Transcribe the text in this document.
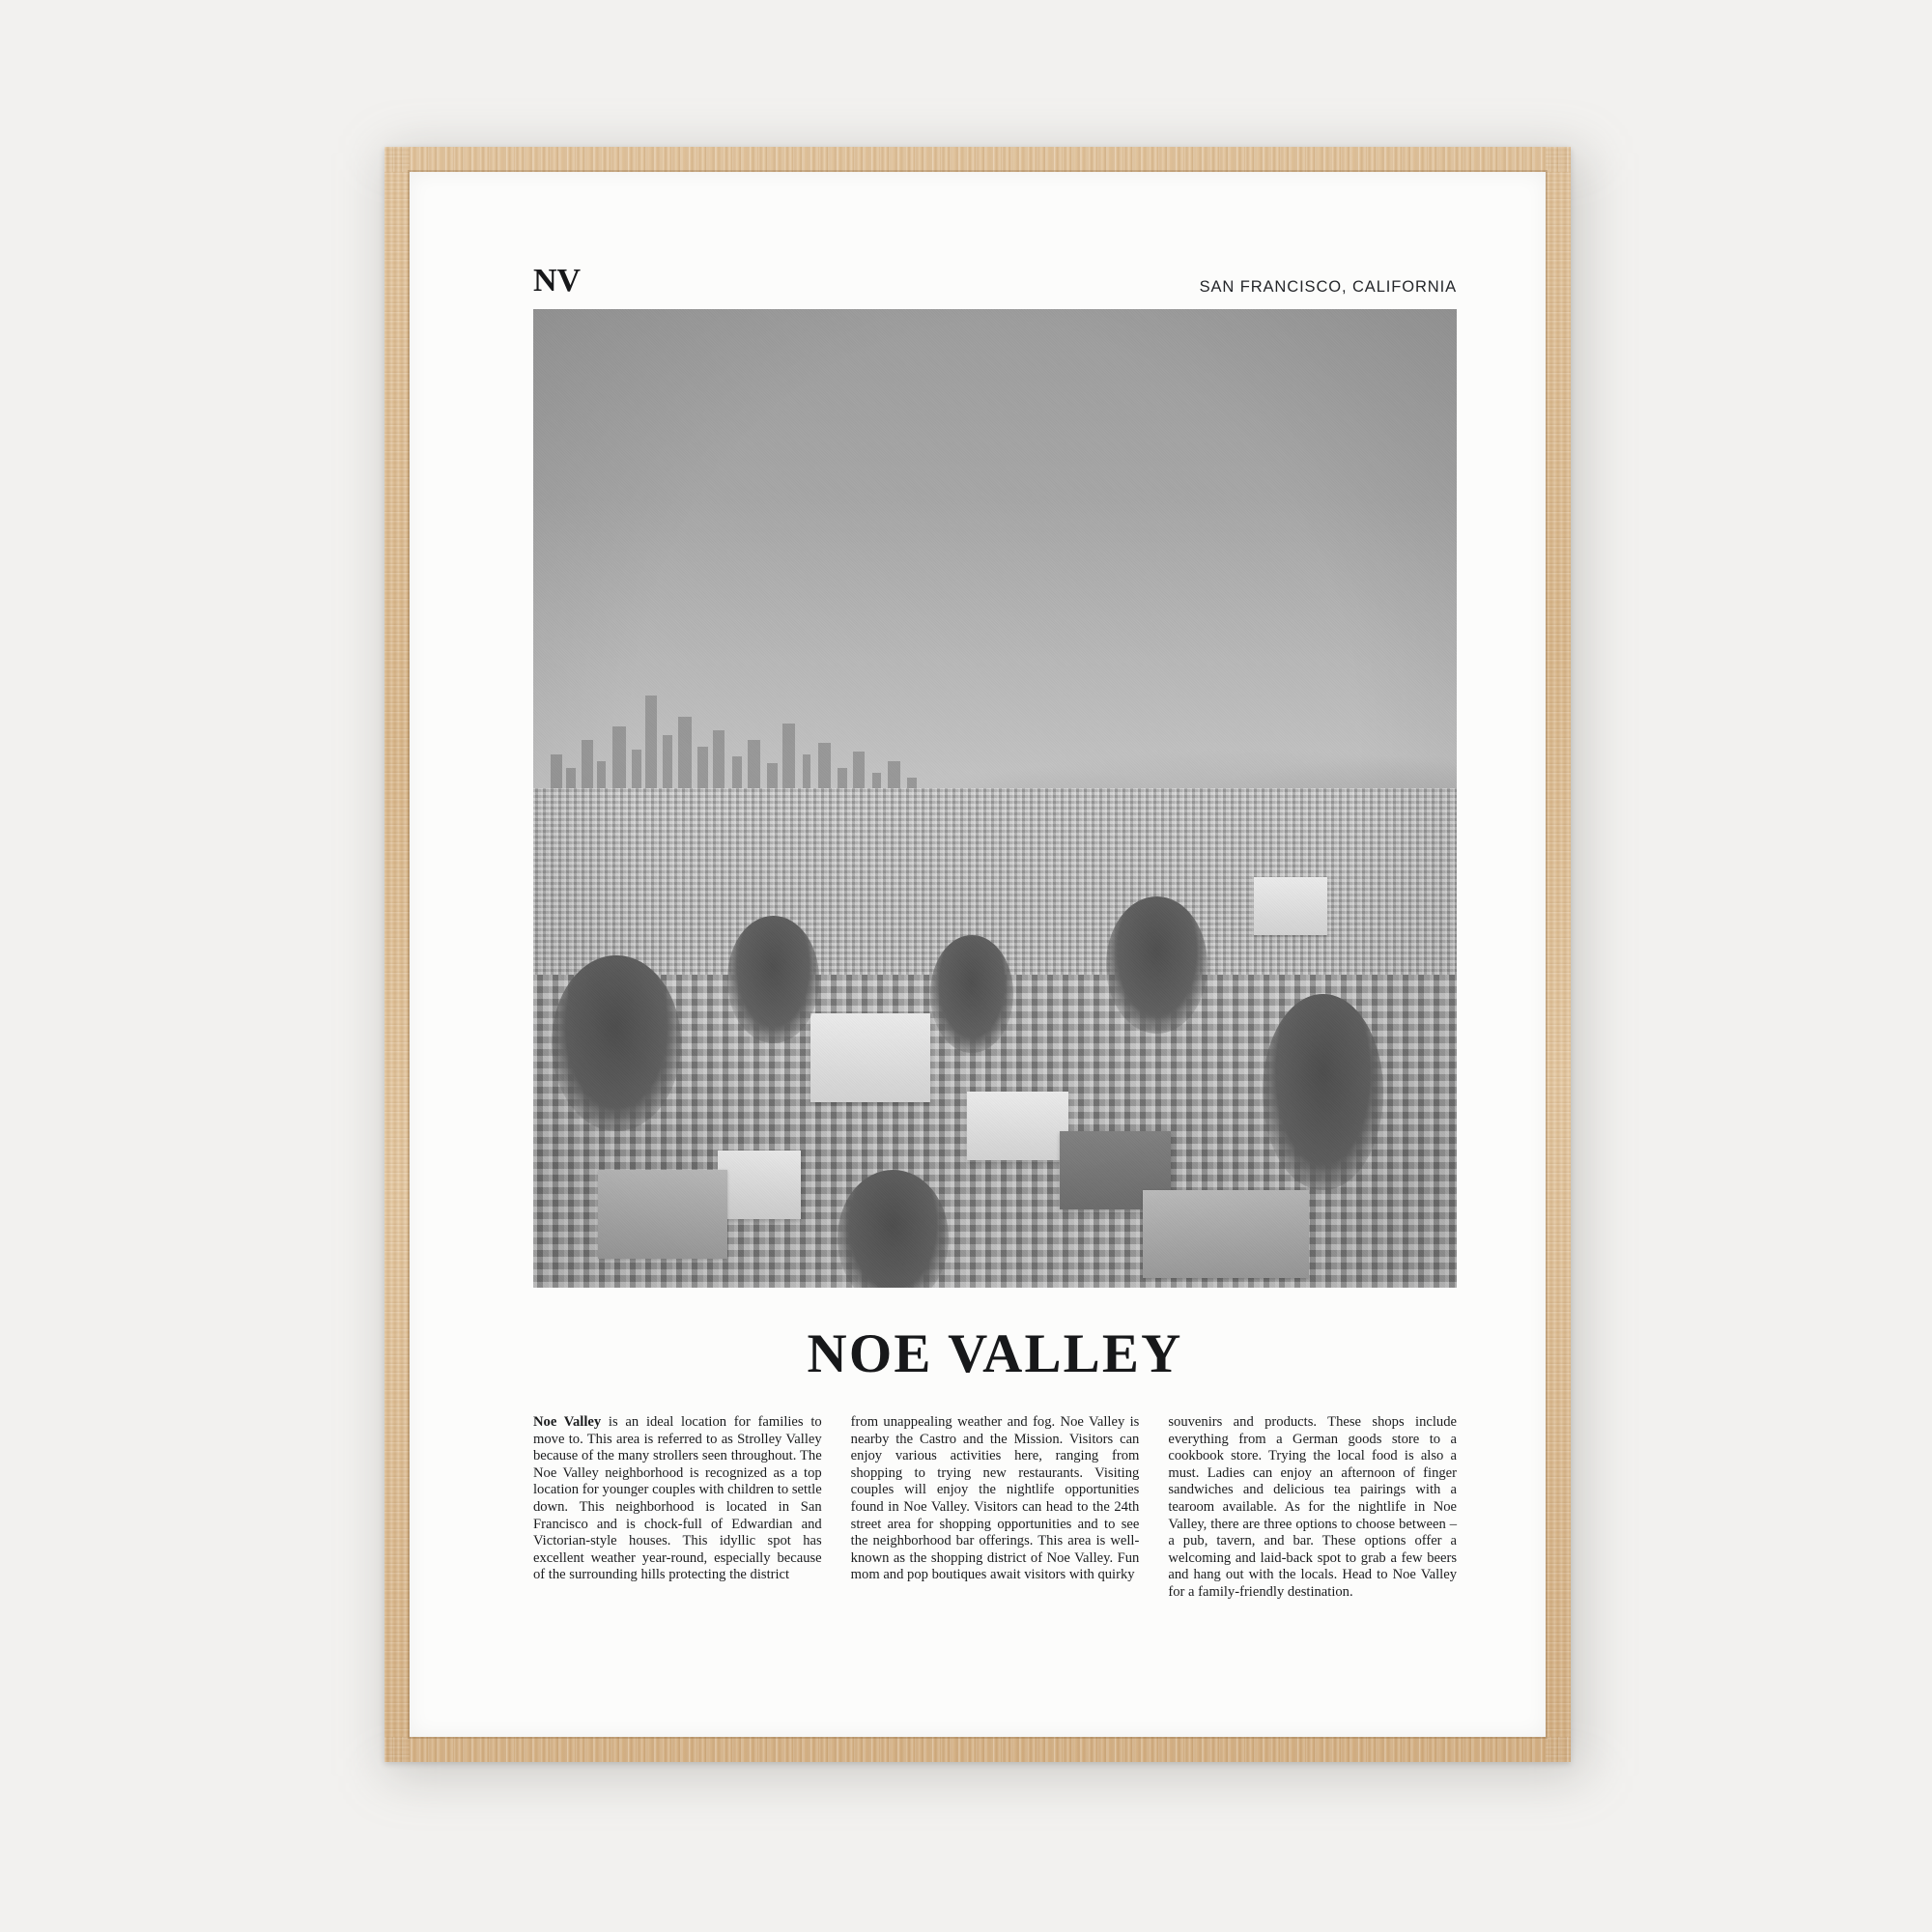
NV	SAN FRANCISCO, CALIFORNIA
NOE VALLEY
Noe Valley is an ideal location for families to move to. This area is referred to as Strolley Valley because of the many strollers seen throughout. The Noe Valley neighborhood is recognized as a top location for younger couples with children to settle down. This neighborhood is located in San Francisco and is chock-full of Edwardian and Victorian-style houses. This idyllic spot has excellent weather year-round, especially because of the surrounding hills protecting the district
from unappealing weather and fog. Noe Valley is nearby the Castro and the Mission. Visitors can enjoy various activities here, ranging from shopping to trying new restaurants. Visiting couples will enjoy the nightlife opportunities found in Noe Valley. Visitors can head to the 24th street area for shopping opportunities and to see the neighborhood bar offerings. This area is well-known as the shopping district of Noe Valley. Fun mom and pop boutiques await visitors with quirky
souvenirs and products. These shops include everything from a German goods store to a cookbook store. Trying the local food is also a must. Ladies can enjoy an afternoon of finger sandwiches and delicious tea pairings with a tearoom available. As for the nightlife in Noe Valley, there are three options to choose between – a pub, tavern, and bar. These options offer a welcoming and laid-back spot to grab a few beers and hang out with the locals. Head to Noe Valley for a family-friendly destination.
